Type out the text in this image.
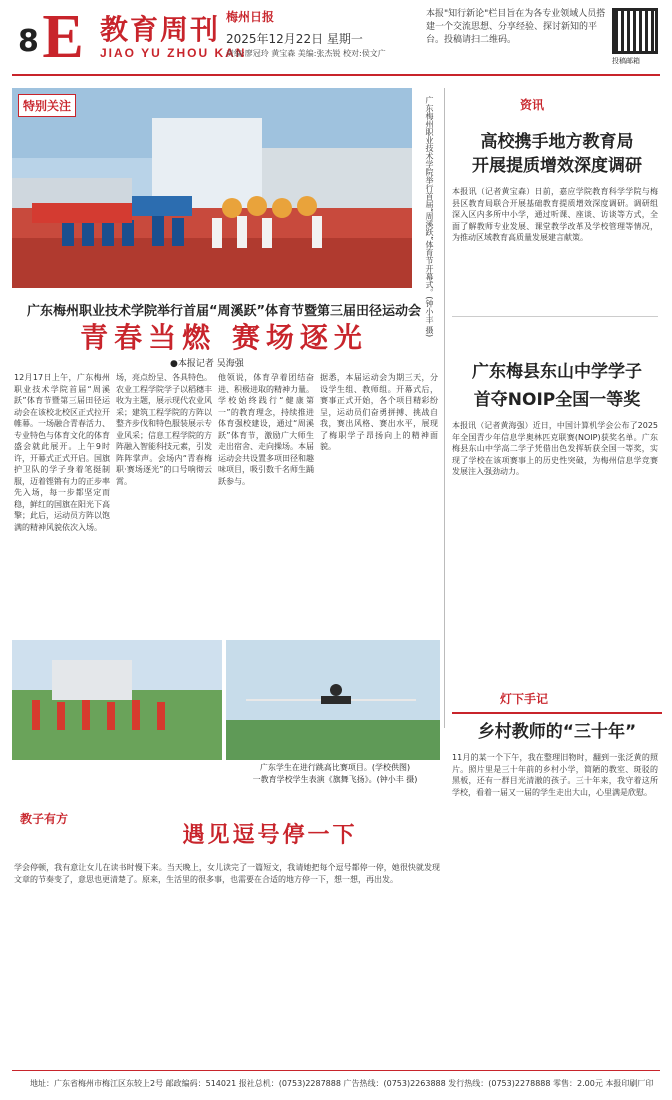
8 E 教育周刊
JIAO YU ZHOU KAN
梅州日报
2025年12月22日 星期一
责编:廖冠玲 黄宝森 美编:张杰锐 校对:侯文广
本报"知行新论"栏目旨在为各专业领域人员搭建一个交流思想、分享经验、探讨新知的平台。投稿请扫二维码。
投稿邮箱
特别关注	广东梅州职业技术学院举行首届“周溪跃”体育节开幕式。(钟小丰 摄)
广东梅州职业技术学院举行首届“周溪跃”体育节暨第三届田径运动会
青春当燃 赛场逐光
●本报记者 吴海强
12月17日上午，广东梅州职业技术学院首届“周溪跃”体育节暨第三届田径运动会在该校北校区正式拉开帷幕。一场融合青春活力、专业特色与体育文化的体育盛会就此展开。上午9时许，开幕式正式开启。国旗护卫队的学子身着笔挺制服，迈着铿锵有力的正步率先入场，每一步都坚定而稳，鲜红的国旗在阳光下高擎；此后，运动员方阵以饱满的精神风貌依次入场。
场，亮点纷呈、各具特色。农业工程学院学子以稻穗丰收为主题，展示现代农业风采；建筑工程学院的方阵以整齐步伐和特色服装展示专业风采；信息工程学院的方阵融入智能科技元素，引发阵阵掌声。会场内“青春梅职·赛场逐光”的口号响彻云霄。
他领说，体育孕着团结奋进、积极进取的精神力量。学校始终践行“健康第一”的教育理念，持续推进体育强校建设，通过“周溪跃”体育节，激励广大师生走出宿舍、走向操场。本届运动会共设置多项田径和趣味项目，吸引数千名师生踊跃参与。
据悉，本届运动会为期三天，分设学生组、教师组。开幕式后，赛事正式开始，各个项目精彩纷呈，运动员们奋勇拼搏、挑战自我，赛出风格、赛出水平，展现了梅职学子昂扬向上的精神面貌。
资讯
高校携手地方教育局
开展提质增效深度调研
本报讯（记者黄宝森）日前，嘉应学院教育科学学院与梅县区教育局联合开展基础教育提质增效深度调研。调研组深入区内多所中小学，通过听课、座谈、访谈等方式，全面了解教师专业发展、课堂教学改革及学校管理等情况，为推动区域教育高质量发展建言献策。
广东梅县东山中学学子
首夺NOIP全国一等奖
本报讯（记者黄海强）近日，中国计算机学会公布了2025年全国青少年信息学奥林匹克联赛(NOIP)获奖名单。广东梅县东山中学高二学子凭借出色发挥斩获全国一等奖，实现了学校在该项赛事上的历史性突破，为梅州信息学竞赛发展注入强劲动力。
广东学生在进行跳高比赛项目。(学校供图)
一教育学校学生表演《旗舞飞扬》。(钟小丰 摄)
教子有方
遇见逗号停一下
学会停顿，我有意让女儿在读书时慢下来。当天晚上，女儿读完了一篇短文，我请她把每个逗号都停一停，她很快就发现文章的节奏变了，意思也更清楚了。原来，生活里的很多事，也需要在合适的地方停一下，想一想，再出发。
灯下手记
乡村教师的“三十年”
11月的某一个下午，我在整理旧物时，翻到一张泛黄的照片。照片里是三十年前的乡村小学，简陋的教室、斑驳的黑板，还有一群目光清澈的孩子。三十年来，我守着这所学校，看着一届又一届的学生走出大山，心里满是欣慰。
地址：广东省梅州市梅江区东较上2号 邮政编码：514021 报社总机：(0753)2287888 广告热线：(0753)2263888 发行热线：(0753)2278888 零售：2.00元 本报印刷厂印
